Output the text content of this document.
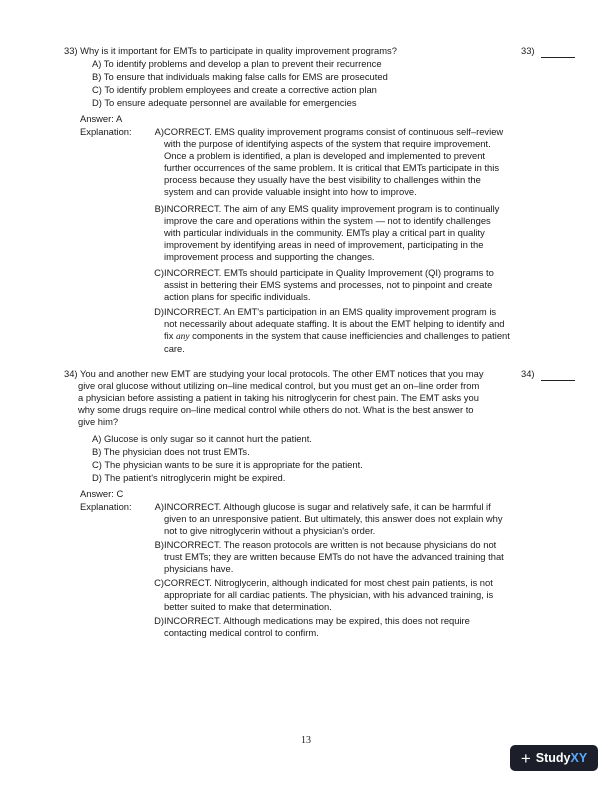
33) Why is it important for EMTs to participate in quality improvement programs?	33)
A) To identify problems and develop a plan to prevent their recurrence
B) To ensure that individuals making false calls for EMS are prosecuted
C) To identify problem employees and create a corrective action plan
D) To ensure adequate personnel are available for emergencies
Answer: A
Explanation:	A) CORRECT. EMS quality improvement programs consist of continuous self–review
with the purpose of identifying aspects of the system that require improvement.
Once a problem is identified, a plan is developed and implemented to prevent
further occurrences of the same problem. It is critical that EMTs participate in this
process because they usually have the best visibility to challenges within the
system and can provide valuable insight into how to improve.
B) INCORRECT. The aim of any EMS quality improvement program is to continually
improve the care and operations within the system — not to identify challenges
with particular individuals in the community. EMTs play a critical part in quality
improvement by identifying areas in need of improvement, participating in the
improvement process and supporting the changes.
C) INCORRECT. EMTs should participate in Quality Improvement (QI) programs to
assist in bettering their EMS systems and processes, not to pinpoint and create
action plans for specific individuals.
D) INCORRECT. An EMT's participation in an EMS quality improvement program is
not necessarily about adequate staffing. It is about the EMT helping to identify and
fix any components in the system that cause inefficiencies and challenges to patient
care.
34) You and another new EMT are studying your local protocols. The other EMT notices that you may
give oral glucose without utilizing on–line medical control, but you must get an on–line order from
a physician before assisting a patient in taking his nitroglycerin for chest pain. The EMT asks you
why some drugs require on–line medical control while others do not. What is the best answer to
give him?
34)
A) Glucose is only sugar so it cannot hurt the patient.
B) The physician does not trust EMTs.
C) The physician wants to be sure it is appropriate for the patient.
D) The patient's nitroglycerin might be expired.
Answer: C
Explanation:	A) INCORRECT. Although glucose is sugar and relatively safe, it can be harmful if
given to an unresponsive patient. But ultimately, this answer does not explain why
not to give nitroglycerin without a physician's order.
B) INCORRECT. The reason protocols are written is not because physicians do not
trust EMTs; they are written because EMTs do not have the advanced training that
physicians have.
C) CORRECT. Nitroglycerin, although indicated for most chest pain patients, is not
appropriate for all cardiac patients. The physician, with his advanced training, is
better suited to make that determination.
D) INCORRECT. Although medications may be expired, this does not require
contacting medical control to confirm.
13
+ StudyXY
